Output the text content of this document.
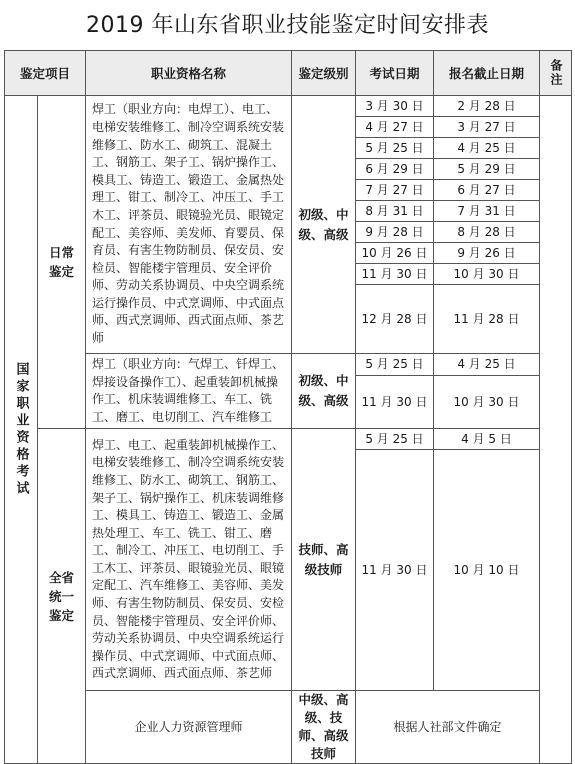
2019 年山东省职业技能鉴定时间安排表
鉴定项目		职业资格名称	鉴定级别	考试日期	报名截止日期	备注

国家职业资格考试	日常鉴定	焊工（职业方向：电焊工）、电工、电梯安装维修工、制冷空调系统安装维修工、防水工、砌筑工、混凝土工、钢筋工、架子工、锅炉操作工、模具工、铸造工、锻造工、金属热处理工、钳工、制冷工、冲压工、手工木工、评茶员、眼镜验光员、眼镜定配工、美容师、美发师、育婴员、保育员、有害生物防制员、保安员、安检员、智能楼宇管理员、安全评价师、劳动关系协调员、中央空调系统运行操作员、中式烹调师、中式面点师、西式烹调师、西式面点师、茶艺师	初级、中级、高级	3 月 30 日	2 月 28 日	
				4 月 27 日	3 月 27 日	
				5 月 25 日	4 月 25 日	
				6 月 29 日	5 月 29 日	
				7 月 27 日	6 月 27 日	
				8 月 31 日	7 月 31 日	
				9 月 28 日	8 月 28 日	
				10 月 26 日	9 月 26 日	
				11 月 30 日	10 月 30 日	
				12 月 28 日	11 月 28 日	
		焊工（职业方向：气焊工、钎焊工、焊接设备操作工）、起重装卸机械操作工、机床装调维修工、车工、铣工、磨工、电切削工、汽车维修工	初级、中级、高级	5 月 25 日	4 月 25 日	
				11 月 30 日	10 月 30 日	

	全省统一鉴定	焊工、电工、起重装卸机械操作工、电梯安装维修工、制冷空调系统安装维修工、防水工、砌筑工、钢筋工、架子工、锅炉操作工、机床装调维修工、模具工、铸造工、锻造工、金属热处理工、车工、铣工、钳工、磨工、制冷工、冲压工、电切削工、手工木工、评茶员、眼镜验光员、眼镜定配工、汽车维修工、美容师、美发师、有害生物防制员、保安员、安检员、智能楼宇管理员、安全评价师、劳动关系协调员、中央空调系统运行操作员、中式烹调师、中式面点师、西式烹调师、西式面点师、茶艺师	技师、高级技师	5 月 25 日	4 月 5 日	
				11 月 30 日	10 月 10 日	
		企业人力资源管理师	中级、高级、技师、高级技师	根据人社部文件确定		
